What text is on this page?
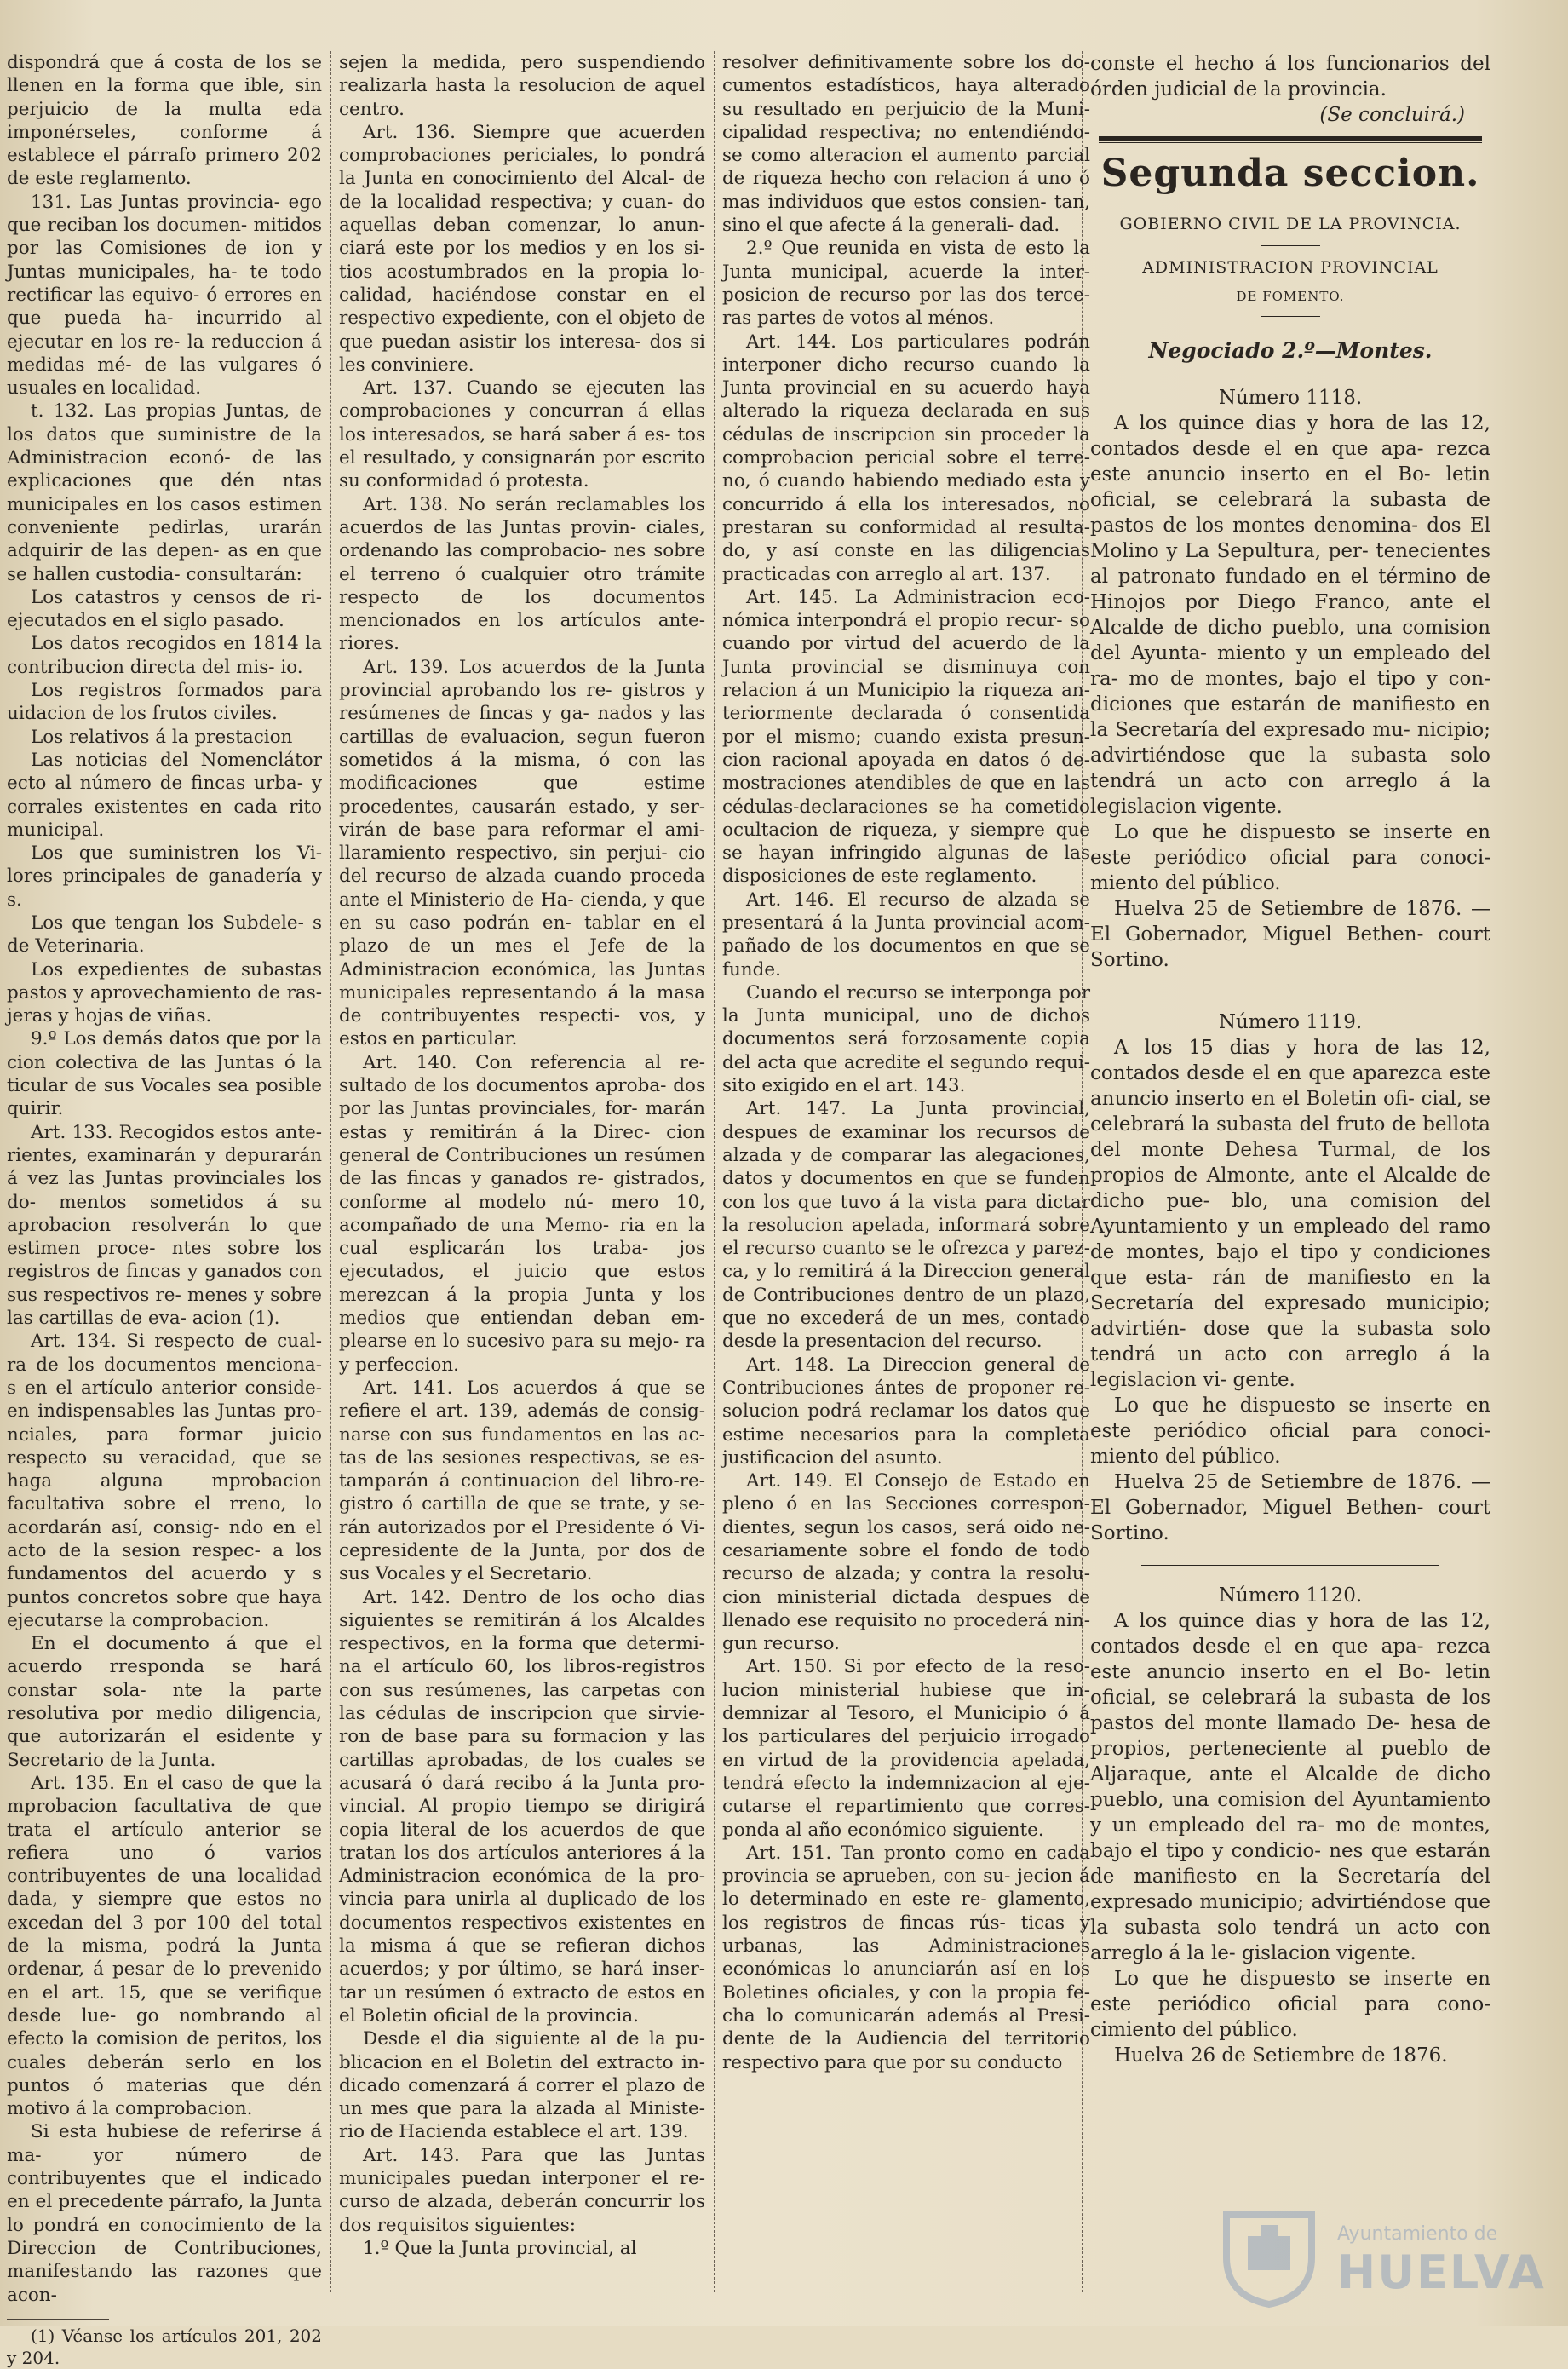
dispondrá que á costa de los se llenen en la forma que ible, sin perjuicio de la multa eda imponérseles, conforme á establece el párrafo primero 202 de este reglamento.

131. Las Juntas provincia- ego que reciban los documen- mitidos por las Comisiones de ion y Juntas municipales, ha- te todo rectificar las equivo- ó errores en que pueda ha- incurrido al ejecutar en los re- la reduccion á medidas mé- de las vulgares ó usuales en localidad.

t. 132. Las propias Juntas, de los datos que suministre de la Administracion econó- de las explicaciones que dén ntas municipales en los casos estimen conveniente pedirlas, urarán adquirir de las depen- as en que se hallen custodia- consultarán:

Los catastros y censos de ri- ejecutados en el siglo pasado.

Los datos recogidos en 1814 la contribucion directa del mis- io.

Los registros formados para uidacion de los frutos civiles.

Los relativos á la prestacion

Las noticias del Nomenclátor ecto al número de fincas urba- y corrales existentes en cada rito municipal.

Los que suministren los Vi- lores principales de ganadería y s.

Los que tengan los Subdele- s de Veterinaria.

Los expedientes de subastas pastos y aprovechamiento de ras- jeras y hojas de viñas.

9.º Los demás datos que por la cion colectiva de las Juntas ó la ticular de sus Vocales sea posible quirir.

Art. 133. Recogidos estos ante- rientes, examinarán y depurarán á vez las Juntas provinciales los do- mentos sometidos á su aprobacion resolverán lo que estimen proce- ntes sobre los registros de fincas y ganados con sus respectivos re- menes y sobre las cartillas de eva- acion (1).

Art. 134. Si respecto de cual- ra de los documentos menciona- s en el artículo anterior conside- en indispensables las Juntas pro- nciales, para formar juicio respecto su veracidad, que se haga alguna mprobacion facultativa sobre el rreno, lo acordarán así, consig- ndo en el acto de la sesion respec- a los fundamentos del acuerdo y s puntos concretos sobre que haya ejecutarse la comprobacion.

En el documento á que el acuerdo rresponda se hará constar sola- nte la parte resolutiva por medio diligencia, que autorizarán el esidente y Secretario de la Junta.

Art. 135. En el caso de que la mprobacion facultativa de que trata el artículo anterior se refiera uno ó varios contribuyentes de una localidad dada, y siempre que estos no excedan del 3 por 100 del total de la misma, podrá la Junta ordenar, á pesar de lo prevenido en el art. 15, que se verifique desde lue- go nombrando al efecto la comision de peritos, los cuales deberán serlo en los puntos ó materias que dén motivo á la comprobacion.

Si esta hubiese de referirse á ma- yor número de contribuyentes que el indicado en el precedente párrafo, la Junta lo pondrá en conocimiento de la Direccion de Contribuciones, manifestando las razones que acon-

(1) Véanse los artículos 201, 202 y 204.

sejen la medida, pero suspendiendo realizarla hasta la resolucion de aquel centro.

Art. 136. Siempre que acuerden comprobaciones periciales, lo pondrá la Junta en conocimiento del Alcal- de de la localidad respectiva; y cuan- do aquellas deban comenzar, lo anun- ciará este por los medios y en los si- tios acostumbrados en la propia lo- calidad, haciéndose constar en el respectivo expediente, con el objeto de que puedan asistir los interesa- dos si les conviniere.

Art. 137. Cuando se ejecuten las comprobaciones y concurran á ellas los interesados, se hará saber á es- tos el resultado, y consignarán por escrito su conformidad ó protesta.

Art. 138. No serán reclamables los acuerdos de las Juntas provin- ciales, ordenando las comprobacio- nes sobre el terreno ó cualquier otro trámite respecto de los documentos mencionados en los artículos ante- riores.

Art. 139. Los acuerdos de la Junta provincial aprobando los re- gistros y resúmenes de fincas y ga- nados y las cartillas de evaluacion, segun fueron sometidos á la misma, ó con las modificaciones que estime procedentes, causarán estado, y ser- virán de base para reformar el ami- llaramiento respectivo, sin perjui- cio del recurso de alzada cuando proceda ante el Ministerio de Ha- cienda, y que en su caso podrán en- tablar en el plazo de un mes el Jefe de la Administracion económica, las Juntas municipales representando á la masa de contribuyentes respecti- vos, y estos en particular.

Art. 140. Con referencia al re- sultado de los documentos aproba- dos por las Juntas provinciales, for- marán estas y remitirán á la Direc- cion general de Contribuciones un resúmen de las fincas y ganados re- gistrados, conforme al modelo nú- mero 10, acompañado de una Memo- ria en la cual esplicarán los traba- jos ejecutados, el juicio que estos merezcan á la propia Junta y los medios que entiendan deban em- plearse en lo sucesivo para su mejo- ra y perfeccion.

Art. 141. Los acuerdos á que se refiere el art. 139, además de consig- narse con sus fundamentos en las ac- tas de las sesiones respectivas, se es- tamparán á continuacion del libro-re- gistro ó cartilla de que se trate, y se- rán autorizados por el Presidente ó Vi- cepresidente de la Junta, por dos de sus Vocales y el Secretario.

Art. 142. Dentro de los ocho dias siguientes se remitirán á los Alcaldes respectivos, en la forma que determi- na el artículo 60, los libros-registros con sus resúmenes, las carpetas con las cédulas de inscripcion que sirvie- ron de base para su formacion y las cartillas aprobadas, de los cuales se acusará ó dará recibo á la Junta pro- vincial. Al propio tiempo se dirigirá copia literal de los acuerdos de que tratan los dos artículos anteriores á la Administracion económica de la pro- vincia para unirla al duplicado de los documentos respectivos existentes en la misma á que se refieran dichos acuerdos; y por último, se hará inser- tar un resúmen ó extracto de estos en el Boletin oficial de la provincia.

Desde el dia siguiente al de la pu- blicacion en el Boletin del extracto in- dicado comenzará á correr el plazo de un mes que para la alzada al Ministe- rio de Hacienda establece el art. 139.

Art. 143. Para que las Juntas municipales puedan interponer el re- curso de alzada, deberán concurrir los dos requisitos siguientes:

1.º Que la Junta provincial, al

resolver definitivamente sobre los do- cumentos estadísticos, haya alterado su resultado en perjuicio de la Muni- cipalidad respectiva; no entendiéndo- se como alteracion el aumento parcial de riqueza hecho con relacion á uno ó mas individuos que estos consien- tan, sino el que afecte á la generali- dad.

2.º Que reunida en vista de esto la Junta municipal, acuerde la inter- posicion de recurso por las dos terce- ras partes de votos al ménos.

Art. 144. Los particulares podrán interponer dicho recurso cuando la Junta provincial en su acuerdo haya alterado la riqueza declarada en sus cédulas de inscripcion sin proceder la comprobacion pericial sobre el terre- no, ó cuando habiendo mediado esta y concurrido á ella los interesados, no prestaran su conformidad al resulta- do, y así conste en las diligencias practicadas con arreglo al art. 137.

Art. 145. La Administracion eco- nómica interpondrá el propio recur- so cuando por virtud del acuerdo de la Junta provincial se disminuya con relacion á un Municipio la riqueza an- teriormente declarada ó consentida por el mismo; cuando exista presun- cion racional apoyada en datos ó de- mostraciones atendibles de que en las cédulas-declaraciones se ha cometido ocultacion de riqueza, y siempre que se hayan infringido algunas de las disposiciones de este reglamento.

Art. 146. El recurso de alzada se presentará á la Junta provincial acom- pañado de los documentos en que se funde.

Cuando el recurso se interponga por la Junta municipal, uno de dichos documentos será forzosamente copia del acta que acredite el segundo requi- sito exigido en el art. 143.

Art. 147. La Junta provincial, despues de examinar los recursos de alzada y de comparar las alegaciones, datos y documentos en que se funden con los que tuvo á la vista para dictar la resolucion apelada, informará sobre el recurso cuanto se le ofrezca y parez- ca, y lo remitirá á la Direccion general de Contribuciones dentro de un plazo, que no excederá de un mes, contado desde la presentacion del recurso.

Art. 148. La Direccion general de Contribuciones ántes de proponer re- solucion podrá reclamar los datos que estime necesarios para la completa justificacion del asunto.

Art. 149. El Consejo de Estado en pleno ó en las Secciones correspon- dientes, segun los casos, será oido ne- cesariamente sobre el fondo de todo recurso de alzada; y contra la resolu- cion ministerial dictada despues de llenado ese requisito no procederá nin- gun recurso.

Art. 150. Si por efecto de la reso- lucion ministerial hubiese que in- demnizar al Tesoro, el Municipio ó á los particulares del perjuicio irrogado en virtud de la providencia apelada, tendrá efecto la indemnizacion al eje- cutarse el repartimiento que corres- ponda al año económico siguiente.

Art. 151. Tan pronto como en cada provincia se aprueben, con su- jecion á lo determinado en este re- glamento, los registros de fincas rús- ticas y urbanas, las Administraciones económicas lo anunciarán así en los Boletines oficiales, y con la propia fe- cha lo comunicarán además al Presi- dente de la Audiencia del territorio respectivo para que por su conducto

conste el hecho á los funcionarios del órden judicial de la provincia.

(Se concluirá.)

Segunda seccion.
GOBIERNO CIVIL DE LA PROVINCIA.
ADMINISTRACION PROVINCIAL
DE FOMENTO.

Negociado 2.º—Montes.

Número 1118.

A los quince dias y hora de las 12, contados desde el en que apa- rezca este anuncio inserto en el Bo- letin oficial, se celebrará la subasta de pastos de los montes denomina- dos El Molino y La Sepultura, per- tenecientes al patronato fundado en el término de Hinojos por Diego Franco, ante el Alcalde de dicho pueblo, una comision del Ayunta- miento y un empleado del ra- mo de montes, bajo el tipo y con- diciones que estarán de manifiesto en la Secretaría del expresado mu- nicipio; advirtiéndose que la subasta solo tendrá un acto con arreglo á la legislacion vigente.

Lo que he dispuesto se inserte en este periódico oficial para conoci- miento del público.

Huelva 25 de Setiembre de 1876. —El Gobernador, Miguel Bethen- court Sortino.

Número 1119.

A los 15 dias y hora de las 12, contados desde el en que aparezca este anuncio inserto en el Boletin ofi- cial, se celebrará la subasta del fruto de bellota del monte Dehesa Turmal, de los propios de Almonte, ante el Alcalde de dicho pue- blo, una comision del Ayuntamiento y un empleado del ramo de montes, bajo el tipo y condiciones que esta- rán de manifiesto en la Secretaría del expresado municipio; advirtién- dose que la subasta solo tendrá un acto con arreglo á la legislacion vi- gente.

Lo que he dispuesto se inserte en este periódico oficial para conoci- miento del público.

Huelva 25 de Setiembre de 1876. —El Gobernador, Miguel Bethen- court Sortino.

Número 1120.

A los quince dias y hora de las 12, contados desde el en que apa- rezca este anuncio inserto en el Bo- letin oficial, se celebrará la subasta de los pastos del monte llamado De- hesa de propios, perteneciente al pueblo de Aljaraque, ante el Alcalde de dicho pueblo, una comision del Ayuntamiento y un empleado del ra- mo de montes, bajo el tipo y condicio- nes que estarán de manifiesto en la Secretaría del expresado municipio; advirtiéndose que la subasta solo tendrá un acto con arreglo á la le- gislacion vigente.

Lo que he dispuesto se inserte en este periódico oficial para cono- cimiento del público.

Huelva 26 de Setiembre de 1876.

Ayuntamiento de
HUELVA
